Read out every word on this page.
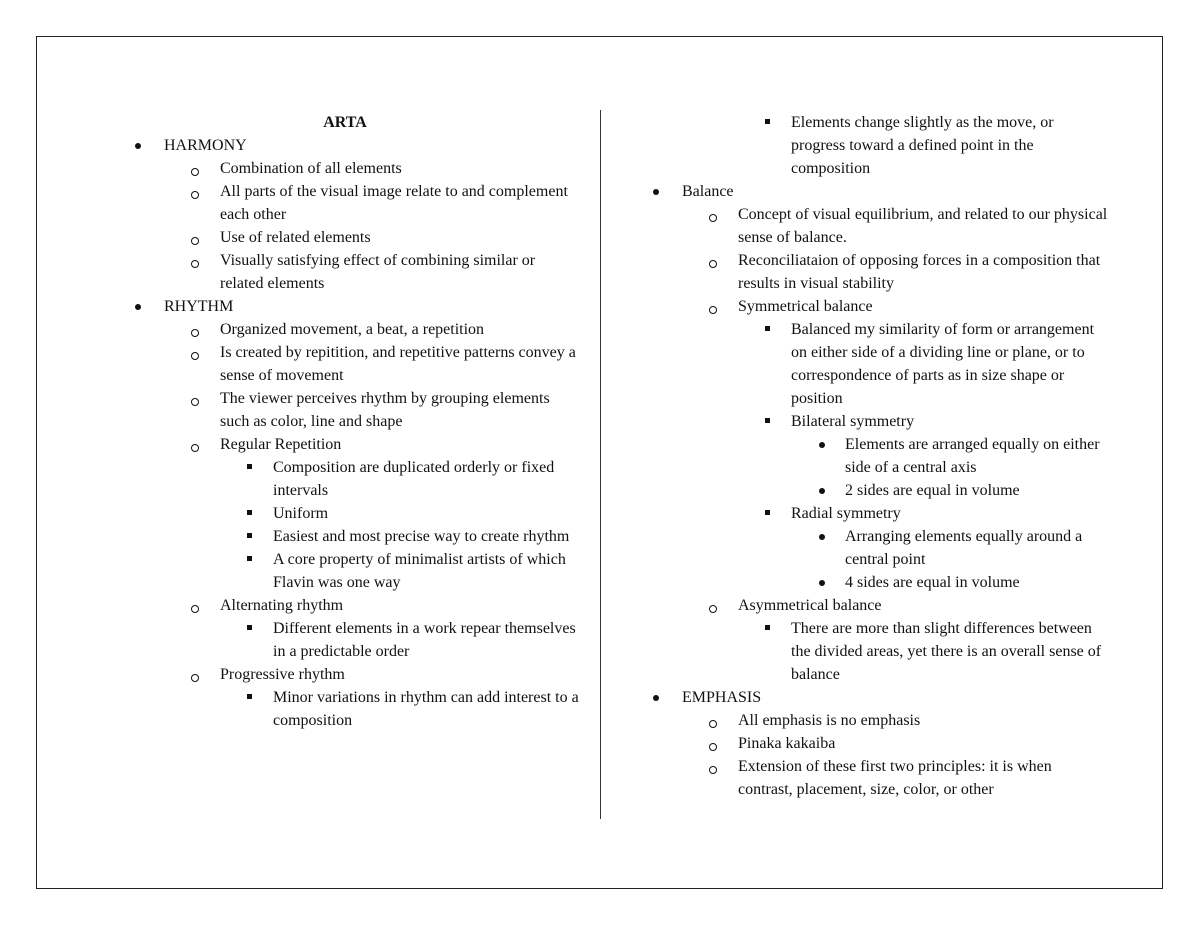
ARTA

HARMONY
Combination of all elements
All parts of the visual image relate to and complement each other
Use of related elements
Visually satisfying effect of combining similar or related elements
RHYTHM
Organized movement, a beat, a repetition
Is created by repitition, and repetitive patterns convey a sense of movement
The viewer perceives rhythm by grouping elements such as color, line and shape
Regular Repetition
Composition are duplicated orderly or fixed intervals
Uniform
Easiest and most precise way to create rhythm
A core property of minimalist artists of which Flavin was one way
Alternating rhythm
Different elements in a work repear themselves in a predictable order
Progressive rhythm
Minor variations in rhythm can add interest to a composition
Elements change slightly as the move, or progress toward a defined point in the composition
Balance
Concept of visual equilibrium, and related to our physical sense of balance.
Reconciliataion of opposing forces in a composition that results in visual stability
Symmetrical balance
Balanced my similarity of form or arrangement on either side of a dividing line or plane, or to correspondence of parts as in size shape or position
Bilateral symmetry
Elements are arranged equally on either side of a central axis
2 sides are equal in volume
Radial symmetry
Arranging elements equally around a central point
4 sides are equal in volume
Asymmetrical balance
There are more than slight differences between the divided areas, yet there is an overall sense of balance
EMPHASIS
All emphasis is no emphasis
Pinaka kakaiba
Extension of these first two principles: it is when contrast, placement, size, color, or other
